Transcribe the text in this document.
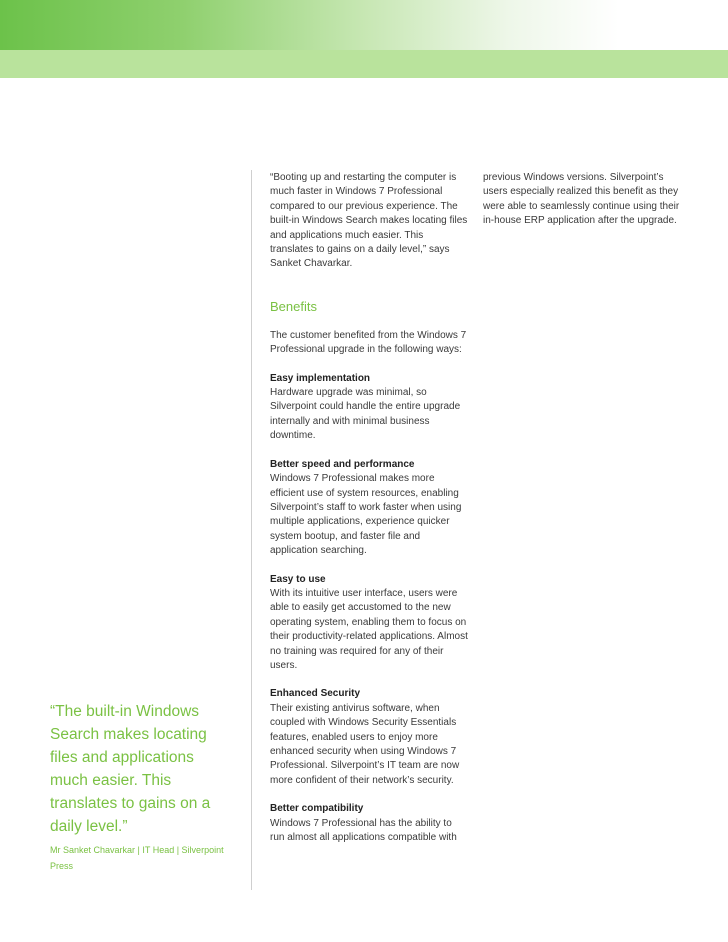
“The built-in Windows Search makes locating files and applications much easier. This translates to gains on a daily level.”

Mr Sanket Chavarkar | IT Head | Silverpoint Press

“Booting up and restarting the computer is much faster in Windows 7 Professional compared to our previous experience. The built-in Windows Search makes locating files and applications much easier. This translates to gains on a daily level,” says Sanket Chavarkar.

Benefits

The customer benefited from the Windows 7 Professional upgrade in the following ways:

Easy implementation

Hardware upgrade was minimal, so Silverpoint could handle the entire upgrade internally and with minimal business downtime.

Better speed and performance

Windows 7 Professional makes more efficient use of system resources, enabling Silverpoint’s staff to work faster when using multiple applications, experience quicker system bootup, and faster file and application searching.

Easy to use

With its intuitive user interface, users were able to easily get accustomed to the new operating system, enabling them to focus on their productivity-related applications. Almost no training was required for any of their users.

Enhanced Security

Their existing antivirus software, when coupled with Windows Security Essentials features, enabled users to enjoy more enhanced security when using Windows 7 Professional. Silverpoint’s IT team are now more confident of their network’s security.

Better compatibility

Windows 7 Professional has the ability to run almost all applications compatible with

previous Windows versions. Silverpoint’s users especially realized this benefit as they were able to seamlessly continue using their in-house ERP application after the upgrade.
